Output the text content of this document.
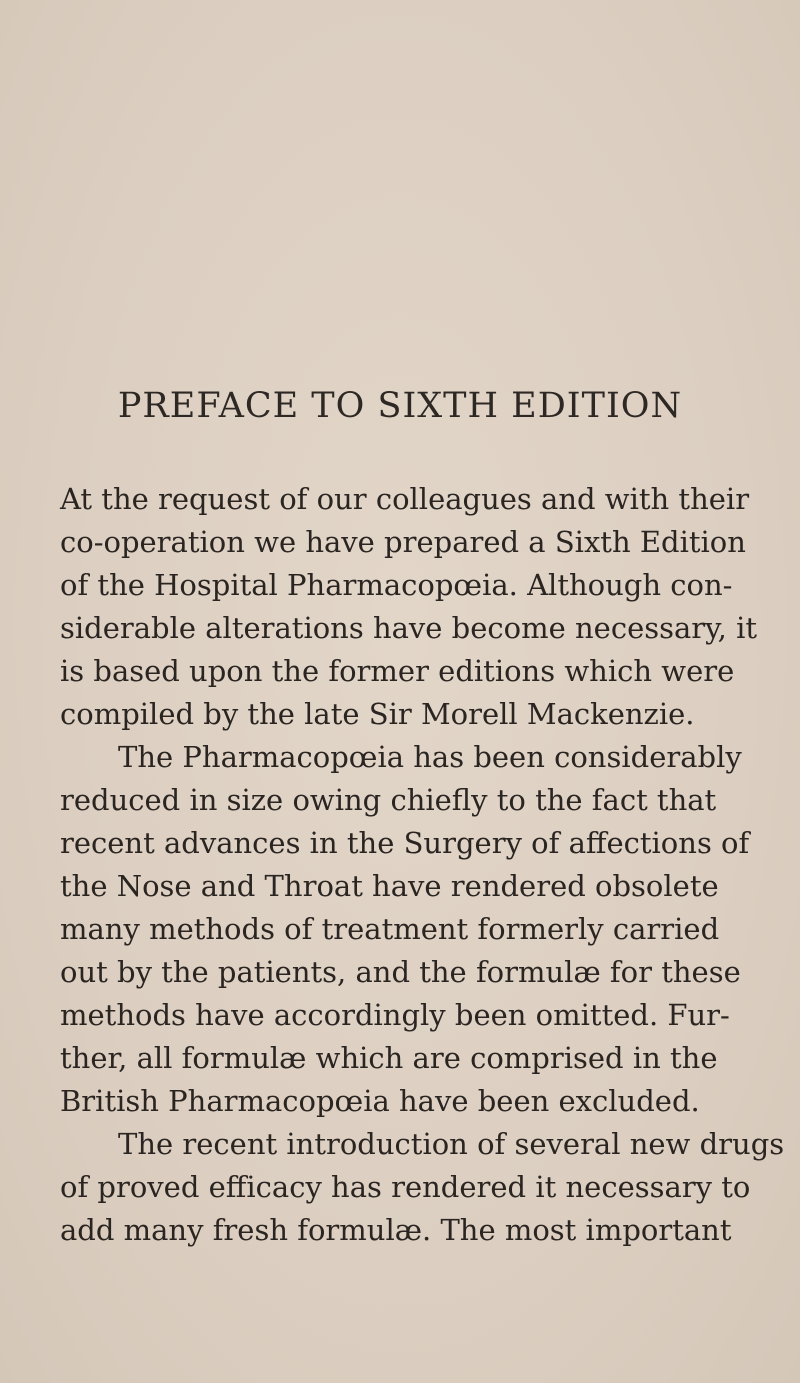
PREFACE TO SIXTH EDITION
At the request of our colleagues and with their
co-operation we have prepared a Sixth Edition
of the Hospital Pharmacopœia. Although con-
siderable alterations have become necessary, it
is based upon the former editions which were
compiled by the late Sir Morell Mackenzie.
The Pharmacopœia has been considerably
reduced in size owing chiefly to the fact that
recent advances in the Surgery of affections of
the Nose and Throat have rendered obsolete
many methods of treatment formerly carried
out by the patients, and the formulæ for these
methods have accordingly been omitted. Fur-
ther, all formulæ which are comprised in the
British Pharmacopœia have been excluded.
The recent introduction of several new drugs
of proved efficacy has rendered it necessary to
add many fresh formulæ. The most important
